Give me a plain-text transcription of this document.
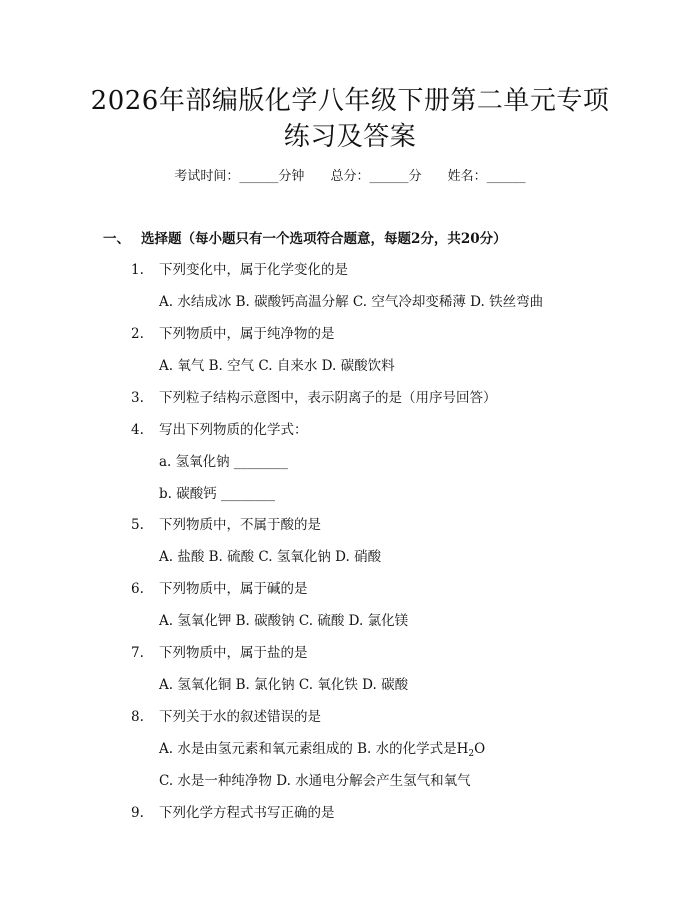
2026年部编版化学八年级下册第二单元专项
练习及答案
考试时间：______分钟 总分：______分 姓名：______
一、 选择题（每小题只有一个选项符合题意，每题2分，共20分）
1. 下列变化中，属于化学变化的是
A. 水结成冰 B. 碳酸钙高温分解 C. 空气冷却变稀薄 D. 铁丝弯曲
2. 下列物质中，属于纯净物的是
A. 氧气 B. 空气 C. 自来水 D. 碳酸饮料
3. 下列粒子结构示意图中，表示阴离子的是（用序号回答）
4. 写出下列物质的化学式：
a. 氢氧化钠 ________
b. 碳酸钙 ________
5. 下列物质中，不属于酸的是
A. 盐酸 B. 硫酸 C. 氢氧化钠 D. 硝酸
6. 下列物质中，属于碱的是
A. 氢氧化钾 B. 碳酸钠 C. 硫酸 D. 氯化镁
7. 下列物质中，属于盐的是
A. 氢氧化铜 B. 氯化钠 C. 氧化铁 D. 碳酸
8. 下列关于水的叙述错误的是
A. 水是由氢元素和氧元素组成的 B. 水的化学式是$H_2O$
C. 水是一种纯净物 D. 水通电分解会产生氢气和氧气
9. 下列化学方程式书写正确的是
